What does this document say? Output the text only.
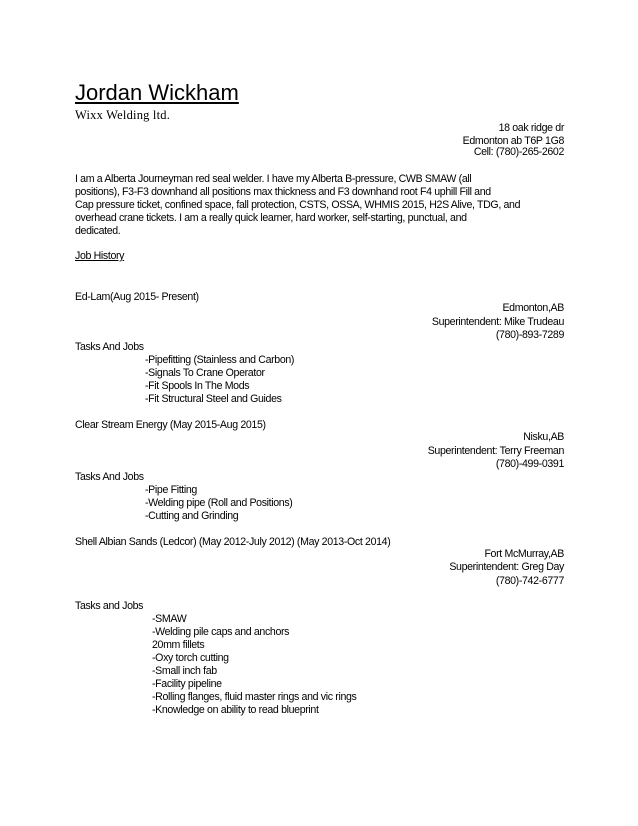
Jordan Wickham
Wixx Welding ltd.
18 oak ridge dr
Edmonton ab T6P 1G8
Cell: (780)-265-2602

I am a Alberta Journeyman red seal welder. I have my Alberta B-pressure, CWB SMAW (all

positions), F3-F3 downhand all positions max thickness and F3 downhand root F4 uphill Fill and

Cap pressure ticket, confined space, fall protection, CSTS, OSSA, WHMIS 2015, H2S Alive, TDG, and

overhead crane tickets. I am a really quick learner, hard worker, self-starting, punctual, and

dedicated.

Job History
Ed-Lam(Aug 2015- Present)
Edmonton,AB
Superintendent: Mike Trudeau
(780)-893-7289
Tasks And Jobs
-Pipefitting (Stainless and Carbon)
-Signals To Crane Operator
-Fit Spools In The Mods
-Fit Structural Steel and Guides
Clear Stream Energy (May 2015-Aug 2015)
Nisku,AB
Superintendent: Terry Freeman
(780)-499-0391
Tasks And Jobs
-Pipe Fitting
-Welding pipe (Roll and Positions)
-Cutting and Grinding
Shell Albian Sands (Ledcor) (May 2012-July 2012) (May 2013-Oct 2014)
Fort McMurray,AB
Superintendent: Greg Day
(780)-742-6777
Tasks and Jobs
-SMAW
-Welding pile caps and anchors
20mm fillets
-Oxy torch cutting
-Small inch fab
-Facility pipeline
-Rolling flanges, fluid master rings and vic rings
-Knowledge on ability to read blueprint
